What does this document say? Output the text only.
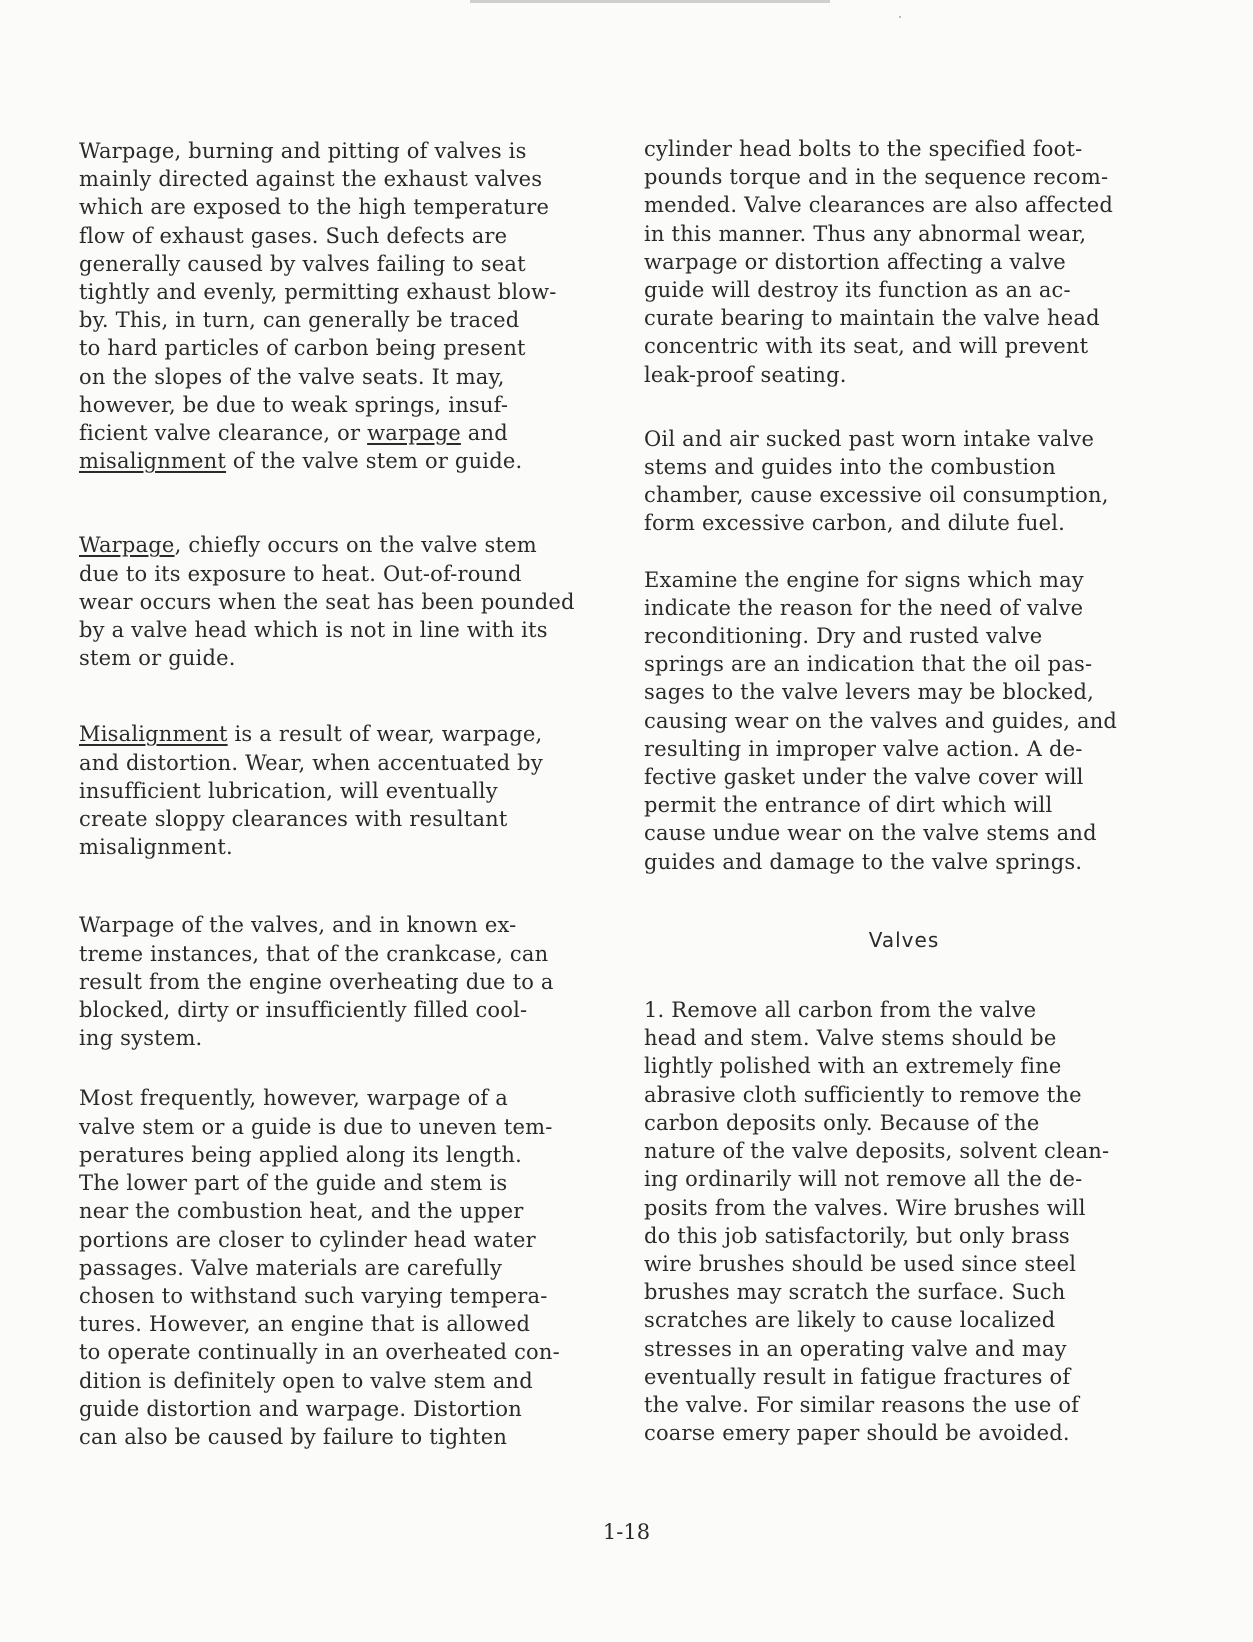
Warpage, burning and pitting of valves is
mainly directed against the exhaust valves
which are exposed to the high temperature
flow of exhaust gases. Such defects are
generally caused by valves failing to seat
tightly and evenly, permitting exhaust blow-
by. This, in turn, can generally be traced
to hard particles of carbon being present
on the slopes of the valve seats. It may,
however, be due to weak springs, insuf-
ficient valve clearance, or warpage and
misalignment of the valve stem or guide.

Warpage, chiefly occurs on the valve stem
due to its exposure to heat. Out-of-round
wear occurs when the seat has been pounded
by a valve head which is not in line with its
stem or guide.

Misalignment is a result of wear, warpage,
and distortion. Wear, when accentuated by
insufficient lubrication, will eventually
create sloppy clearances with resultant
misalignment.

Warpage of the valves, and in known ex-
treme instances, that of the crankcase, can
result from the engine overheating due to a
blocked, dirty or insufficiently filled cool-
ing system.

Most frequently, however, warpage of a
valve stem or a guide is due to uneven tem-
peratures being applied along its length.
The lower part of the guide and stem is
near the combustion heat, and the upper
portions are closer to cylinder head water
passages. Valve materials are carefully
chosen to withstand such varying tempera-
tures. However, an engine that is allowed
to operate continually in an overheated con-
dition is definitely open to valve stem and
guide distortion and warpage. Distortion
can also be caused by failure to tighten

cylinder head bolts to the specified foot-
pounds torque and in the sequence recom-
mended. Valve clearances are also affected
in this manner. Thus any abnormal wear,
warpage or distortion affecting a valve
guide will destroy its function as an ac-
curate bearing to maintain the valve head
concentric with its seat, and will prevent
leak-proof seating.

Oil and air sucked past worn intake valve
stems and guides into the combustion
chamber, cause excessive oil consumption,
form excessive carbon, and dilute fuel.

Examine the engine for signs which may
indicate the reason for the need of valve
reconditioning. Dry and rusted valve
springs are an indication that the oil pas-
sages to the valve levers may be blocked,
causing wear on the valves and guides, and
resulting in improper valve action. A de-
fective gasket under the valve cover will
permit the entrance of dirt which will
cause undue wear on the valve stems and
guides and damage to the valve springs.

Valves

1. Remove all carbon from the valve
head and stem. Valve stems should be
lightly polished with an extremely fine
abrasive cloth sufficiently to remove the
carbon deposits only. Because of the
nature of the valve deposits, solvent clean-
ing ordinarily will not remove all the de-
posits from the valves. Wire brushes will
do this job satisfactorily, but only brass
wire brushes should be used since steel
brushes may scratch the surface. Such
scratches are likely to cause localized
stresses in an operating valve and may
eventually result in fatigue fractures of
the valve. For similar reasons the use of
coarse emery paper should be avoided.

1-18
